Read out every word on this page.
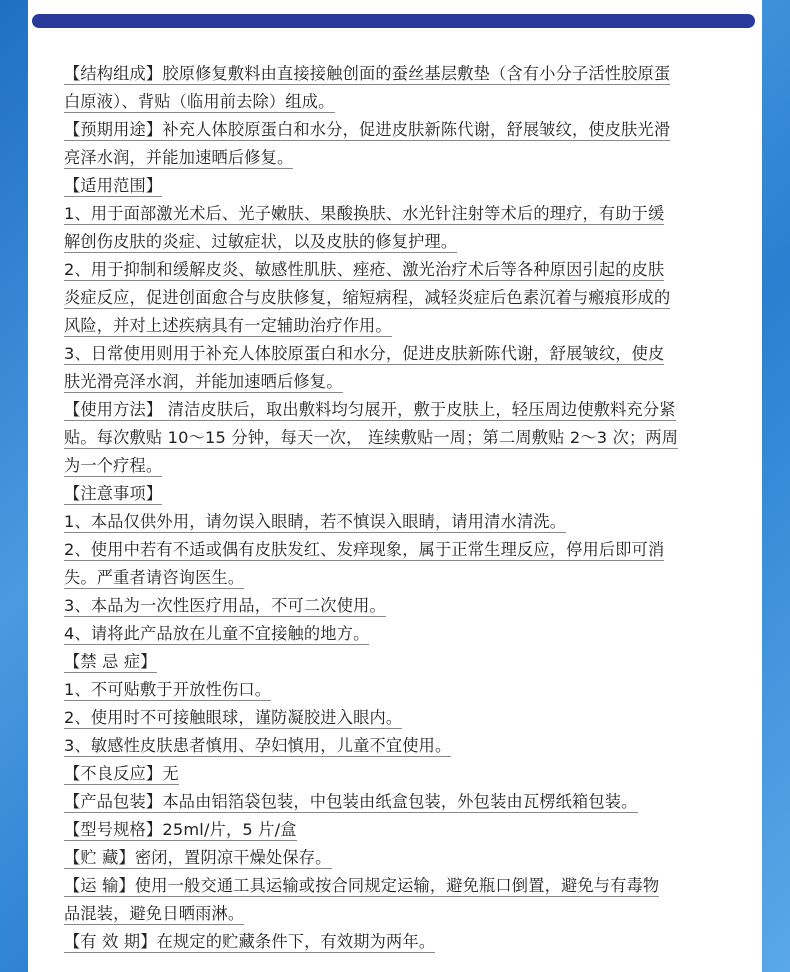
【结构组成】胶原修复敷料由直接接触创面的蚕丝基层敷垫（含有小分子活性胶原蛋
白原液）、背贴（临用前去除）组成。
【预期用途】补充人体胶原蛋白和水分，促进皮肤新陈代谢，舒展皱纹，使皮肤光滑
亮泽水润，并能加速晒后修复。
【适用范围】
1、用于面部激光术后、光子嫩肤、果酸换肤、水光针注射等术后的理疗，有助于缓
解创伤皮肤的炎症、过敏症状，以及皮肤的修复护理。
2、用于抑制和缓解皮炎、敏感性肌肤、痤疮、激光治疗术后等各种原因引起的皮肤
炎症反应，促进创面愈合与皮肤修复，缩短病程，减轻炎症后色素沉着与瘢痕形成的
风险，并对上述疾病具有一定辅助治疗作用。
3、日常使用则用于补充人体胶原蛋白和水分，促进皮肤新陈代谢，舒展皱纹，使皮
肤光滑亮泽水润，并能加速晒后修复。
【使用方法】 清洁皮肤后，取出敷料均匀展开，敷于皮肤上，轻压周边使敷料充分紧
贴。每次敷贴 10～15 分钟，每天一次， 连续敷贴一周；第二周敷贴 2～3 次；两周
为一个疗程。
【注意事项】
1、本品仅供外用，请勿误入眼睛，若不慎误入眼睛，请用清水清洗。
2、使用中若有不适或偶有皮肤发红、发痒现象，属于正常生理反应，停用后即可消
失。严重者请咨询医生。
3、本品为一次性医疗用品，不可二次使用。
4、请将此产品放在儿童不宜接触的地方。
【禁 忌 症】
1、不可贴敷于开放性伤口。
2、使用时不可接触眼球，谨防凝胶进入眼内。
3、敏感性皮肤患者慎用、孕妇慎用，儿童不宜使用。
【不良反应】无
【产品包装】本品由铝箔袋包装，中包装由纸盒包装，外包装由瓦楞纸箱包装。
【型号规格】25ml/片，5 片/盒
【贮 藏】密闭，置阴凉干燥处保存。
【运 输】使用一般交通工具运输或按合同规定运输，避免瓶口倒置，避免与有毒物
品混装，避免日晒雨淋。
【有 效 期】在规定的贮藏条件下，有效期为两年。
